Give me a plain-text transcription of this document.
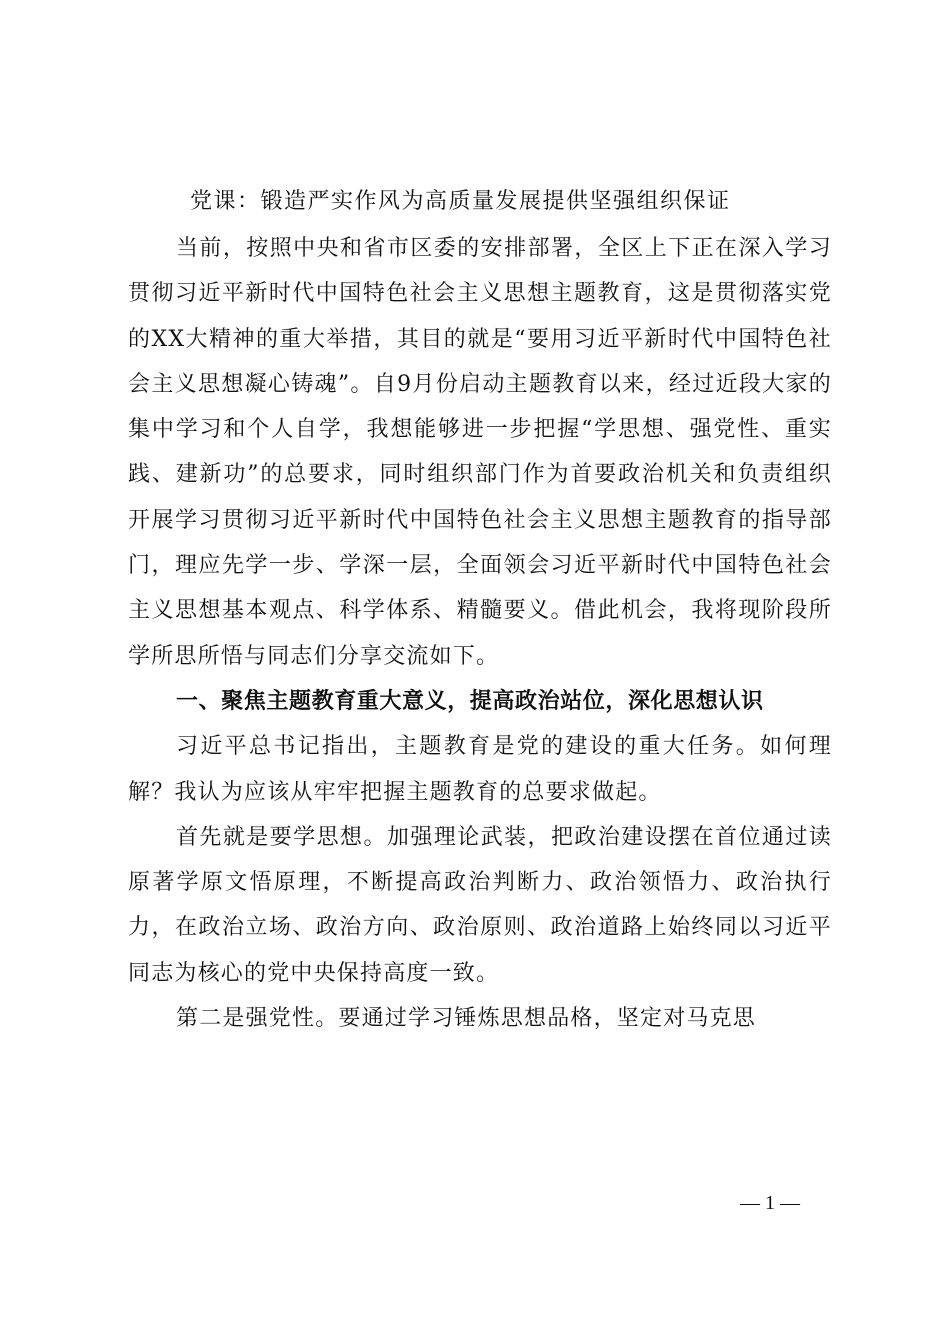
党课：锻造严实作风为高质量发展提供坚强组织保证

当前，按照中央和省市区委的安排部署，全区上下正在深入学习贯彻习近平新时代中国特色社会主义思想主题教育，这是贯彻落实党的XX大精神的重大举措，其目的就是“要用习近平新时代中国特色社会主义思想凝心铸魂”。自9月份启动主题教育以来，经过近段大家的集中学习和个人自学，我想能够进一步把握“学思想、强党性、重实践、建新功”的总要求，同时组织部门作为首要政治机关和负责组织开展学习贯彻习近平新时代中国特色社会主义思想主题教育的指导部门，理应先学一步、学深一层，全面领会习近平新时代中国特色社会主义思想基本观点、科学体系、精髓要义。借此机会，我将现阶段所学所思所悟与同志们分享交流如下。

一、聚焦主题教育重大意义，提高政治站位，深化思想认识

习近平总书记指出，主题教育是党的建设的重大任务。如何理解？我认为应该从牢牢把握主题教育的总要求做起。

首先就是要学思想。加强理论武装，把政治建设摆在首位通过读原著学原文悟原理，不断提高政治判断力、政治领悟力、政治执行力，在政治立场、政治方向、政治原则、政治道路上始终同以习近平同志为核心的党中央保持高度一致。

第二是强党性。要通过学习锤炼思想品格，坚定对马克思

— 1 —
